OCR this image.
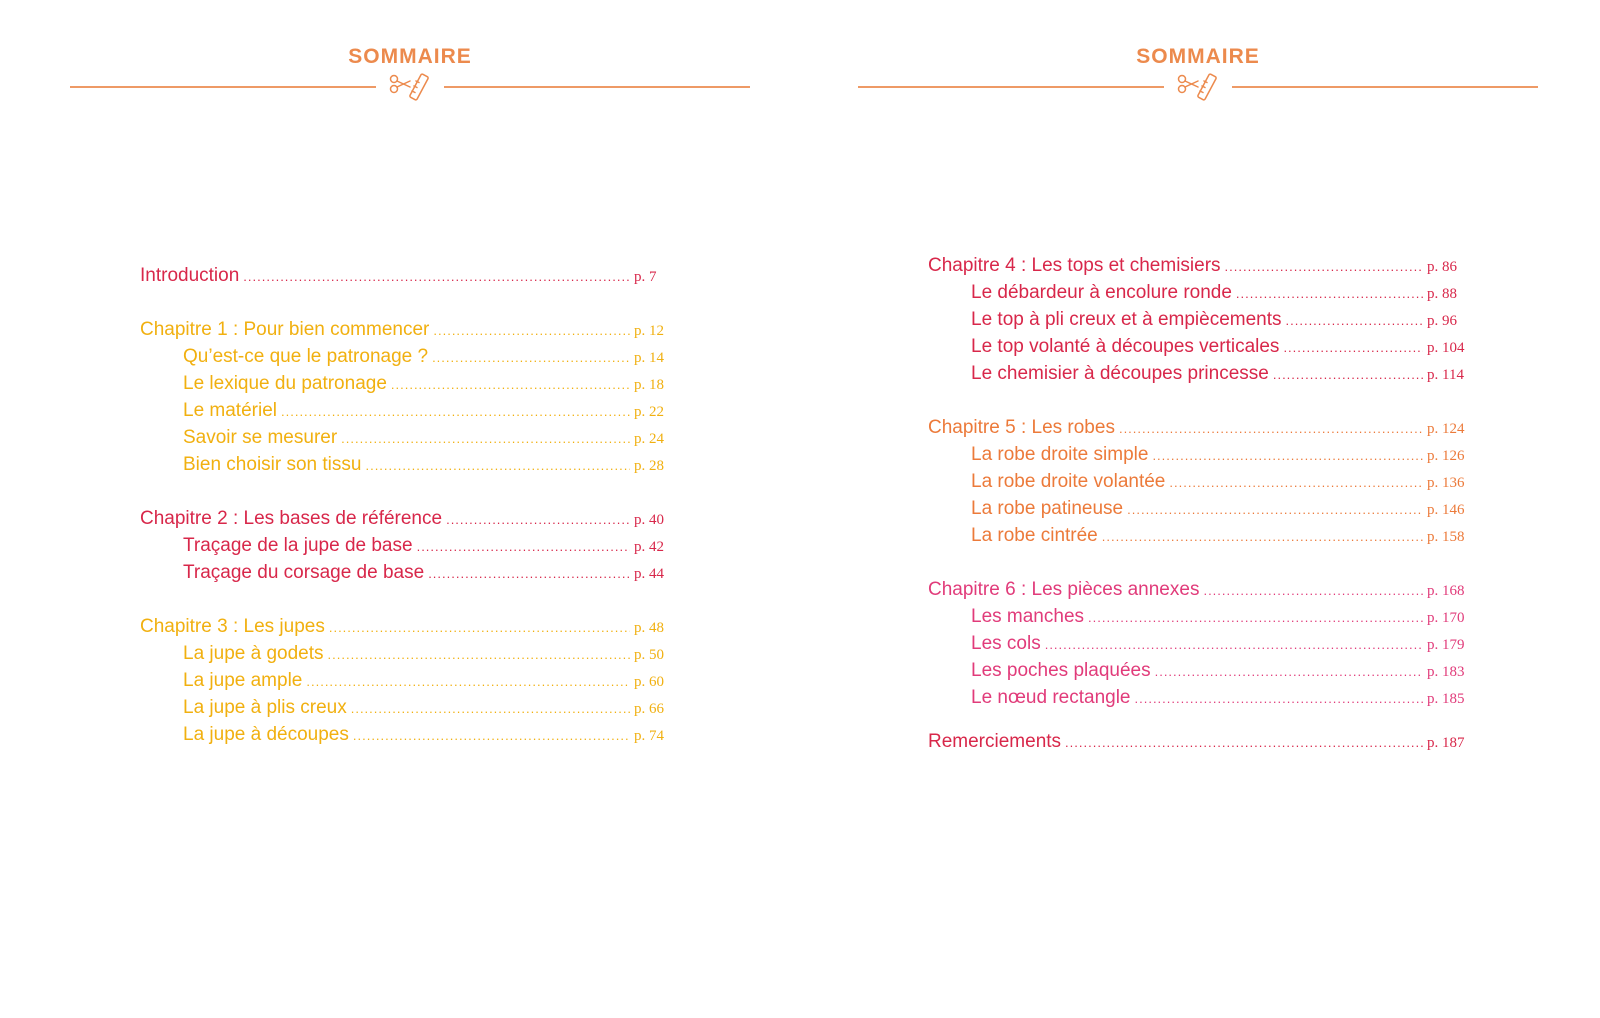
SOMMAIRE
Introduction .....	p. 7
Chapitre 1 : Pour bien commencer .....	p. 12
Qu’est-ce que le patronage ? .....	p. 14
Le lexique du patronage .....	p. 18
Le matériel .....	p. 22
Savoir se mesurer .....	p. 24
Bien choisir son tissu .....	p. 28
Chapitre 2 : Les bases de référence .....	p. 40
Traçage de la jupe de base .....	p. 42
Traçage du corsage de base .....	p. 44
Chapitre 3 : Les jupes .....	p. 48
La jupe à godets .....	p. 50
La jupe ample .....	p. 60
La jupe à plis creux .....	p. 66
La jupe à découpes .....	p. 74
SOMMAIRE
Chapitre 4 : Les tops et chemisiers .....	p. 86
Le débardeur à encolure ronde .....	p. 88
Le top à pli creux et à empiècements .....	p. 96
Le top volanté à découpes verticales .....	p. 104
Le chemisier à découpes princesse .....	p. 114
Chapitre 5 : Les robes .....	p. 124
La robe droite simple .....	p. 126
La robe droite volantée .....	p. 136
La robe patineuse .....	p. 146
La robe cintrée .....	p. 158
Chapitre 6 : Les pièces annexes .....	p. 168
Les manches .....	p. 170
Les cols .....	p. 179
Les poches plaquées .....	p. 183
Le nœud rectangle .....	p. 185
Remerciements .....	p. 187
